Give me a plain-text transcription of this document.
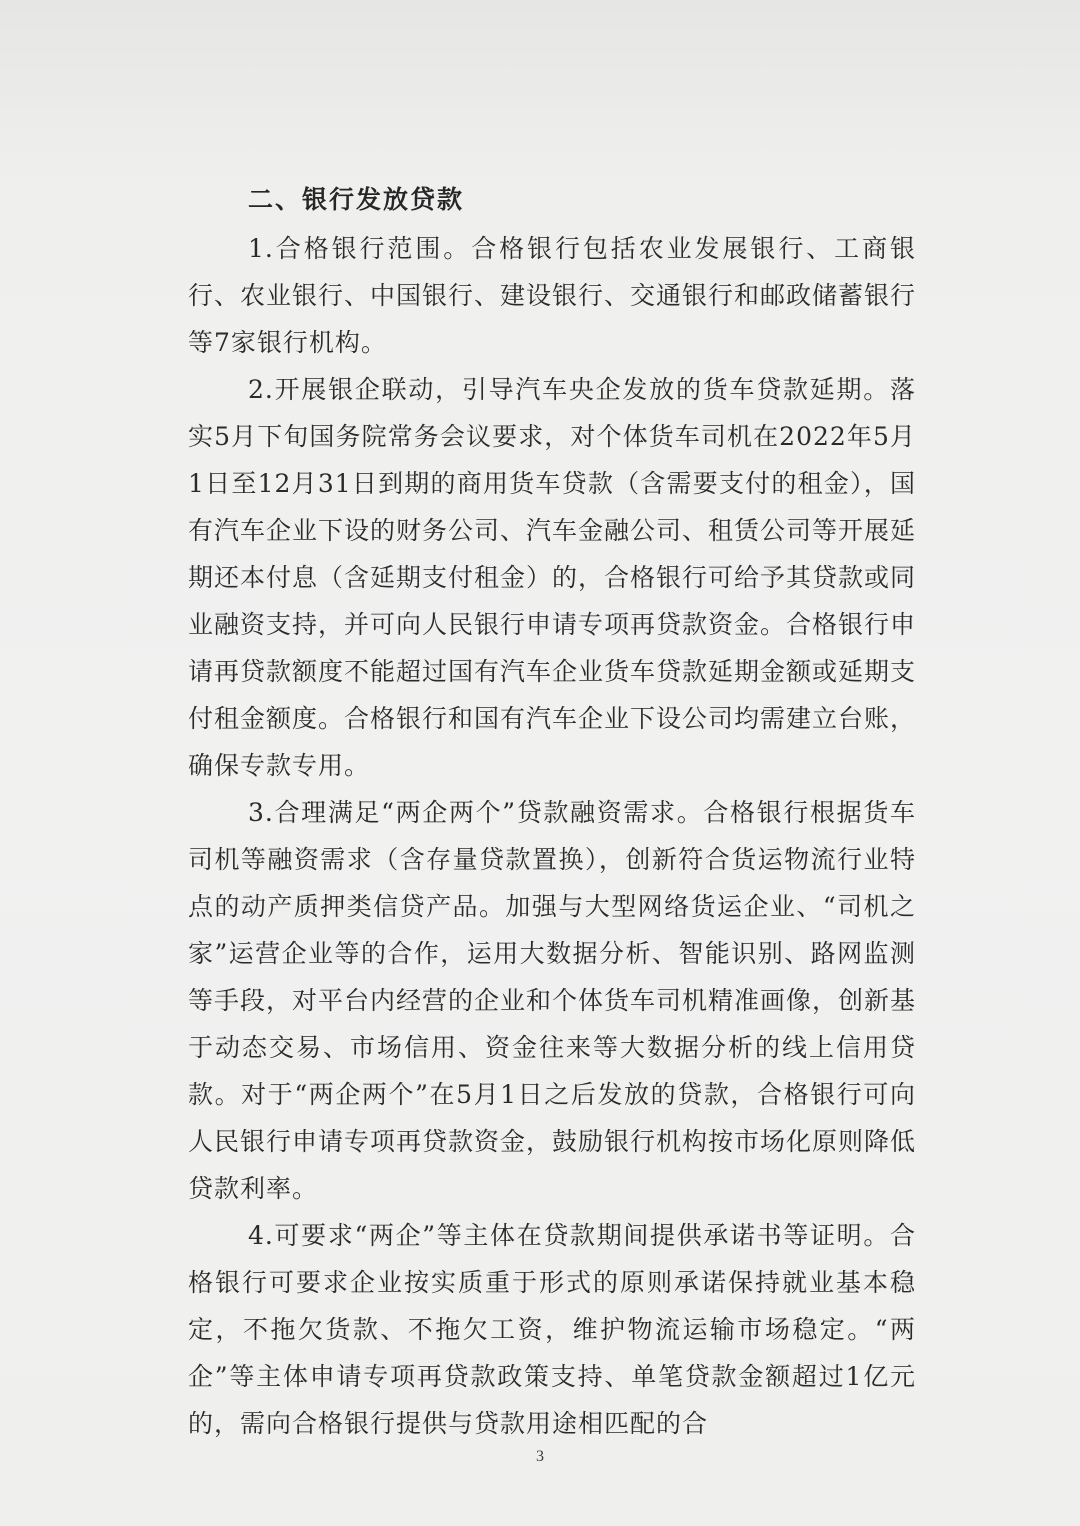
二、银行发放贷款

1.合格银行范围。合格银行包括农业发展银行、工商银行、农业银行、中国银行、建设银行、交通银行和邮政储蓄银行等7家银行机构。

2.开展银企联动，引导汽车央企发放的货车贷款延期。落实5月下旬国务院常务会议要求，对个体货车司机在2022年5月1日至12月31日到期的商用货车贷款（含需要支付的租金），国有汽车企业下设的财务公司、汽车金融公司、租赁公司等开展延期还本付息（含延期支付租金）的，合格银行可给予其贷款或同业融资支持，并可向人民银行申请专项再贷款资金。合格银行申请再贷款额度不能超过国有汽车企业货车贷款延期金额或延期支付租金额度。合格银行和国有汽车企业下设公司均需建立台账，确保专款专用。

3.合理满足“两企两个”贷款融资需求。合格银行根据货车司机等融资需求（含存量贷款置换），创新符合货运物流行业特点的动产质押类信贷产品。加强与大型网络货运企业、“司机之家”运营企业等的合作，运用大数据分析、智能识别、路网监测等手段，对平台内经营的企业和个体货车司机精准画像，创新基于动态交易、市场信用、资金往来等大数据分析的线上信用贷款。对于“两企两个”在5月1日之后发放的贷款，合格银行可向人民银行申请专项再贷款资金，鼓励银行机构按市场化原则降低贷款利率。

4.可要求“两企”等主体在贷款期间提供承诺书等证明。合格银行可要求企业按实质重于形式的原则承诺保持就业基本稳定，不拖欠货款、不拖欠工资，维护物流运输市场稳定。“两企”等主体申请专项再贷款政策支持、单笔贷款金额超过1亿元的，需向合格银行提供与贷款用途相匹配的合

3
